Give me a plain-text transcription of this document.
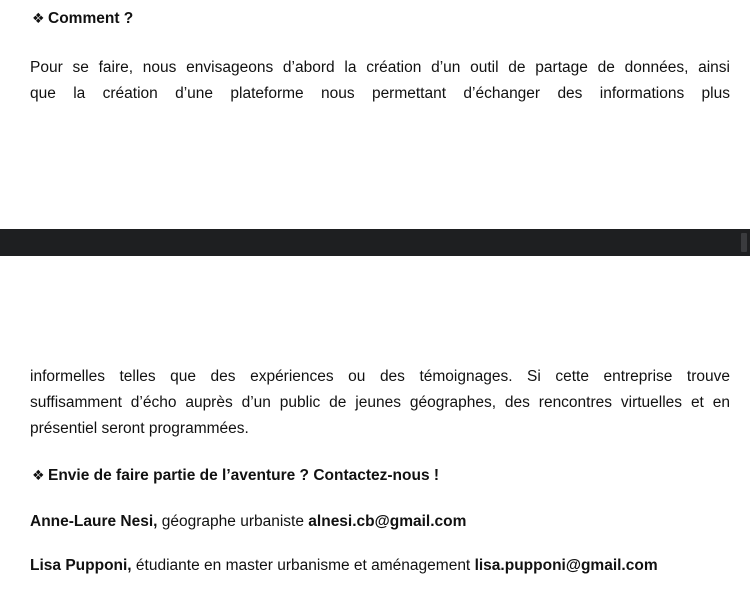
❖ Comment ?
Pour se faire, nous envisageons d’abord la création d’un outil de partage de données, ainsi
que la création d’une plateforme nous permettant d’échanger des informations plus
informelles telles que des expériences ou des témoignages. Si cette entreprise trouve
suffisamment d’écho auprès d’un public de jeunes géographes, des rencontres virtuelles et en
présentiel seront programmées.
❖ Envie de faire partie de l’aventure ? Contactez-nous !
Anne-Laure Nesi, géographe urbaniste alnesi.cb@gmail.com
Lisa Pupponi, étudiante en master urbanisme et aménagement lisa.pupponi@gmail.com
